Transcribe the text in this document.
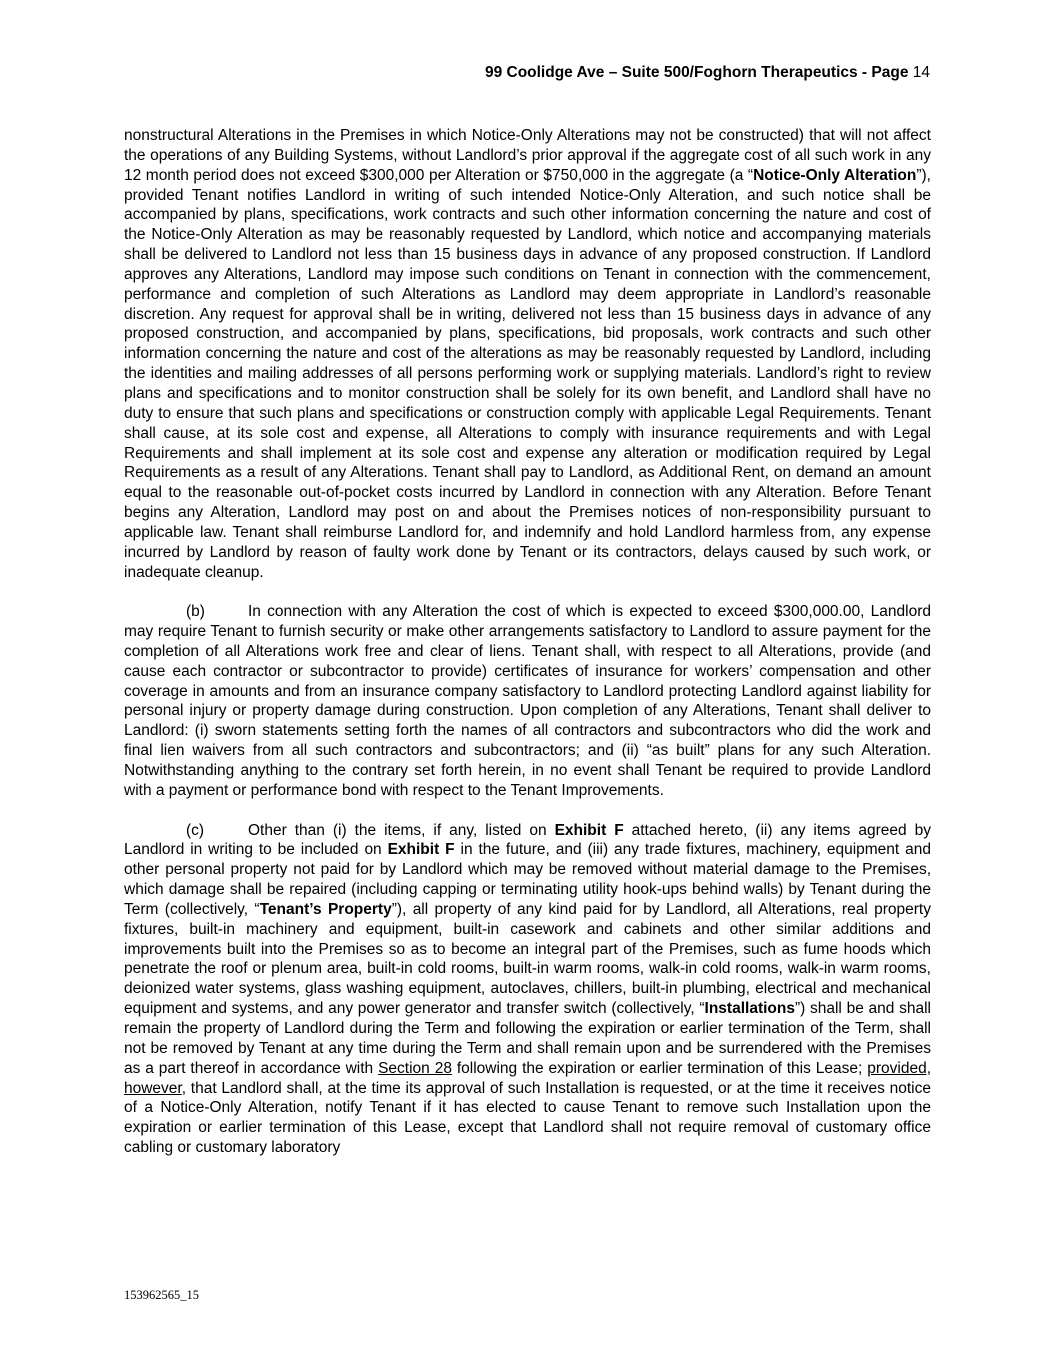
99 Coolidge Ave – Suite 500/Foghorn Therapeutics - Page 14

nonstructural Alterations in the Premises in which Notice-Only Alterations may not be constructed) that will not affect the operations of any Building Systems, without Landlord’s prior approval if the aggregate cost of all such work in any 12 month period does not exceed $300,000 per Alteration or $750,000 in the aggregate (a “Notice-Only Alteration”), provided Tenant notifies Landlord in writing of such intended Notice-Only Alteration, and such notice shall be accompanied by plans, specifications, work contracts and such other information concerning the nature and cost of the Notice-Only Alteration as may be reasonably requested by Landlord, which notice and accompanying materials shall be delivered to Landlord not less than 15 business days in advance of any proposed construction. If Landlord approves any Alterations, Landlord may impose such conditions on Tenant in connection with the commencement, performance and completion of such Alterations as Landlord may deem appropriate in Landlord’s reasonable discretion. Any request for approval shall be in writing, delivered not less than 15 business days in advance of any proposed construction, and accompanied by plans, specifications, bid proposals, work contracts and such other information concerning the nature and cost of the alterations as may be reasonably requested by Landlord, including the identities and mailing addresses of all persons performing work or supplying materials. Landlord’s right to review plans and specifications and to monitor construction shall be solely for its own benefit, and Landlord shall have no duty to ensure that such plans and specifications or construction comply with applicable Legal Requirements. Tenant shall cause, at its sole cost and expense, all Alterations to comply with insurance requirements and with Legal Requirements and shall implement at its sole cost and expense any alteration or modification required by Legal Requirements as a result of any Alterations. Tenant shall pay to Landlord, as Additional Rent, on demand an amount equal to the reasonable out-of-pocket costs incurred by Landlord in connection with any Alteration. Before Tenant begins any Alteration, Landlord may post on and about the Premises notices of non-responsibility pursuant to applicable law. Tenant shall reimburse Landlord for, and indemnify and hold Landlord harmless from, any expense incurred by Landlord by reason of faulty work done by Tenant or its contractors, delays caused by such work, or inadequate cleanup.

(b)	In connection with any Alteration the cost of which is expected to exceed $300,000.00, Landlord may require Tenant to furnish security or make other arrangements satisfactory to Landlord to assure payment for the completion of all Alterations work free and clear of liens. Tenant shall, with respect to all Alterations, provide (and cause each contractor or subcontractor to provide) certificates of insurance for workers’ compensation and other coverage in amounts and from an insurance company satisfactory to Landlord protecting Landlord against liability for personal injury or property damage during construction. Upon completion of any Alterations, Tenant shall deliver to Landlord: (i) sworn statements setting forth the names of all contractors and subcontractors who did the work and final lien waivers from all such contractors and subcontractors; and (ii) “as built” plans for any such Alteration. Notwithstanding anything to the contrary set forth herein, in no event shall Tenant be required to provide Landlord with a payment or performance bond with respect to the Tenant Improvements.

(c)	Other than (i) the items, if any, listed on Exhibit F attached hereto, (ii) any items agreed by Landlord in writing to be included on Exhibit F in the future, and (iii) any trade fixtures, machinery, equipment and other personal property not paid for by Landlord which may be removed without material damage to the Premises, which damage shall be repaired (including capping or terminating utility hook-ups behind walls) by Tenant during the Term (collectively, “Tenant’s Property”), all property of any kind paid for by Landlord, all Alterations, real property fixtures, built-in machinery and equipment, built-in casework and cabinets and other similar additions and improvements built into the Premises so as to become an integral part of the Premises, such as fume hoods which penetrate the roof or plenum area, built-in cold rooms, built-in warm rooms, walk-in cold rooms, walk-in warm rooms, deionized water systems, glass washing equipment, autoclaves, chillers, built-in plumbing, electrical and mechanical equipment and systems, and any power generator and transfer switch (collectively, “Installations”) shall be and shall remain the property of Landlord during the Term and following the expiration or earlier termination of the Term, shall not be removed by Tenant at any time during the Term and shall remain upon and be surrendered with the Premises as a part thereof in accordance with Section 28 following the expiration or earlier termination of this Lease; provided, however, that Landlord shall, at the time its approval of such Installation is requested, or at the time it receives notice of a Notice-Only Alteration, notify Tenant if it has elected to cause Tenant to remove such Installation upon the expiration or earlier termination of this Lease, except that Landlord shall not require removal of customary office cabling or customary laboratory

153962565_15
